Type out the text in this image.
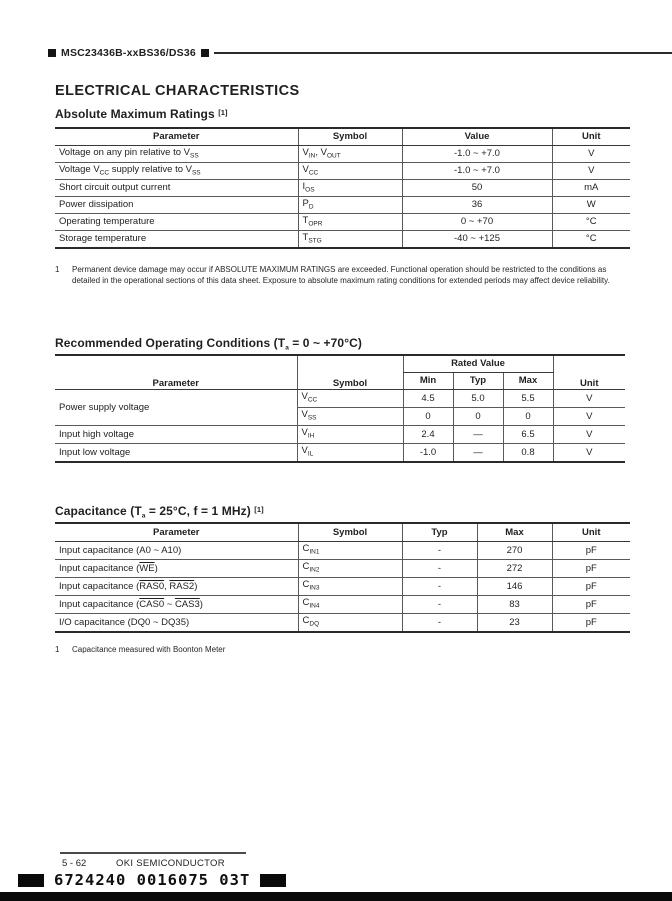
MSC23436B-xxBS36/DS36
ELECTRICAL CHARACTERISTICS
Absolute Maximum Ratings [1]
Parameter	Symbol	Value	Unit
Voltage on any pin relative to $V_{SS}$	$V_{IN}$, $V_{OUT}$	-1.0 ~ +7.0	V
Voltage $V_{CC}$ supply relative to $V_{SS}$	$V_{CC}$	-1.0 ~ +7.0	V
Short circuit output current	$I_{OS}$	50	mA
Power dissipation	$P_D$	36	W
Operating temperature	$T_{OPR}$	0 ~ +70	°C
Storage temperature	$T_{STG}$	-40 ~ +125	°C
1	Permanent device damage may occur if ABSOLUTE MAXIMUM RATINGS are exceeded. Functional operation should be restricted to the conditions as detailed in the operational sections of this data sheet. Exposure to absolute maximum rating conditions for extended periods may affect device reliability.
Recommended Operating Conditions ($T_a = 0$ ~ +70°C)
Parameter	Symbol	Rated Value			Unit
		Min	Typ	Max	
Power supply voltage	$V_{CC}$	4.5	5.0	5.5	V
	$V_{SS}$	0	0	0	V
Input high voltage	$V_{IH}$	2.4	—	6.5	V
Input low voltage	$V_{IL}$	-1.0	—	0.8	V
Capacitance ($T_a = 25^\circ C$, f = 1 MHz) [1]
Parameter	Symbol	Typ	Max	Unit
Input capacitance (A0 ~ A10)	$C_{IN1}$	-	270	pF
Input capacitance $(\overline{WE})$	$C_{IN2}$	-	272	pF
Input capacitance (RAS0, RAS2)	$C_{IN3}$	-	146	pF
Input capacitance (CAS0 ~ CAS3)	$C_{IN4}$	-	83	pF
I/O capacitance (DQ0 ~ DQ35)	$C_{DQ}$	-	23	pF
1	Capacitance measured with Boonton Meter
5 - 62	OKI SEMICONDUCTOR
6724240 0016075 03T
